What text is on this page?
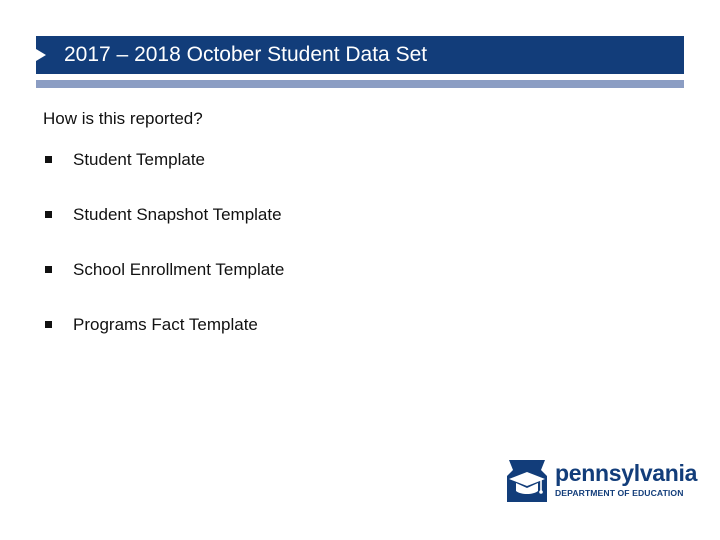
2017 – 2018 October Student Data Set
How is this reported?
Student Template
Student Snapshot Template
School Enrollment Template
Programs Fact Template
pennsylvania
DEPARTMENT OF EDUCATION
